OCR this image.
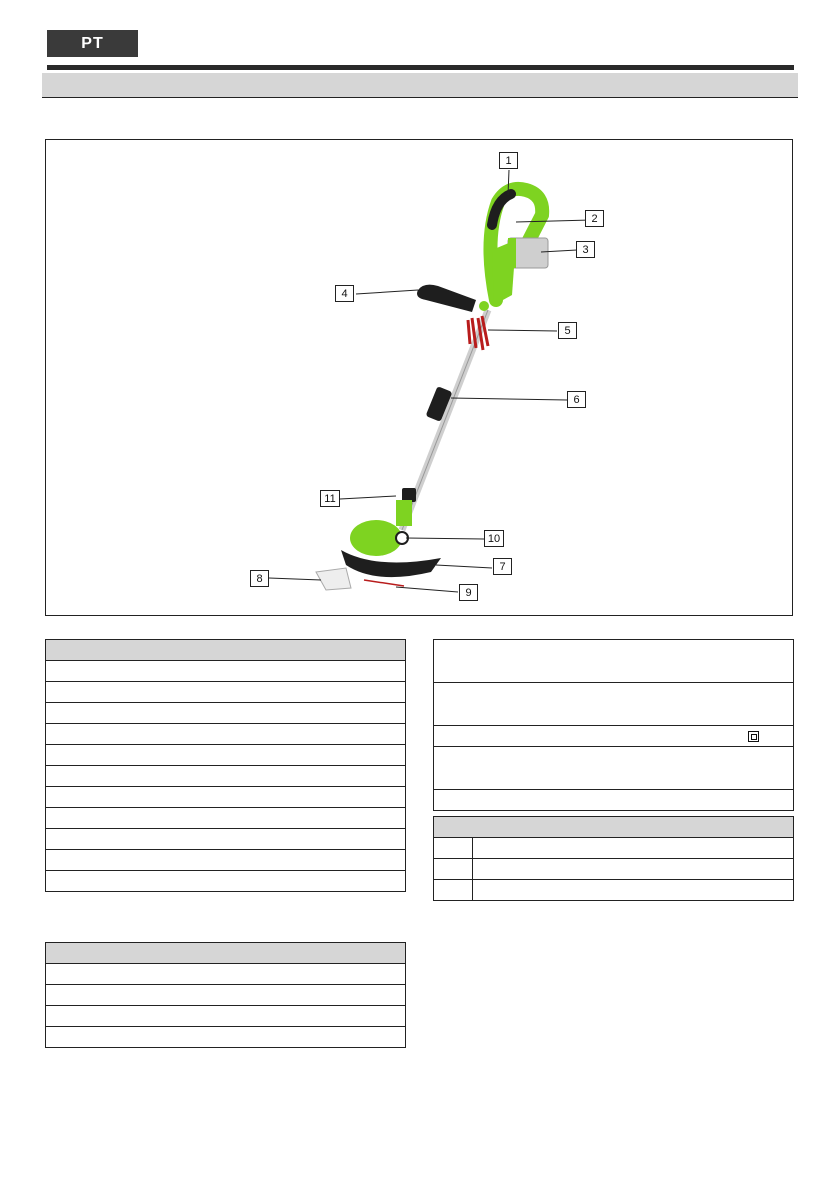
PT
1
2
3
4
5
6
7
8
9
10
11
